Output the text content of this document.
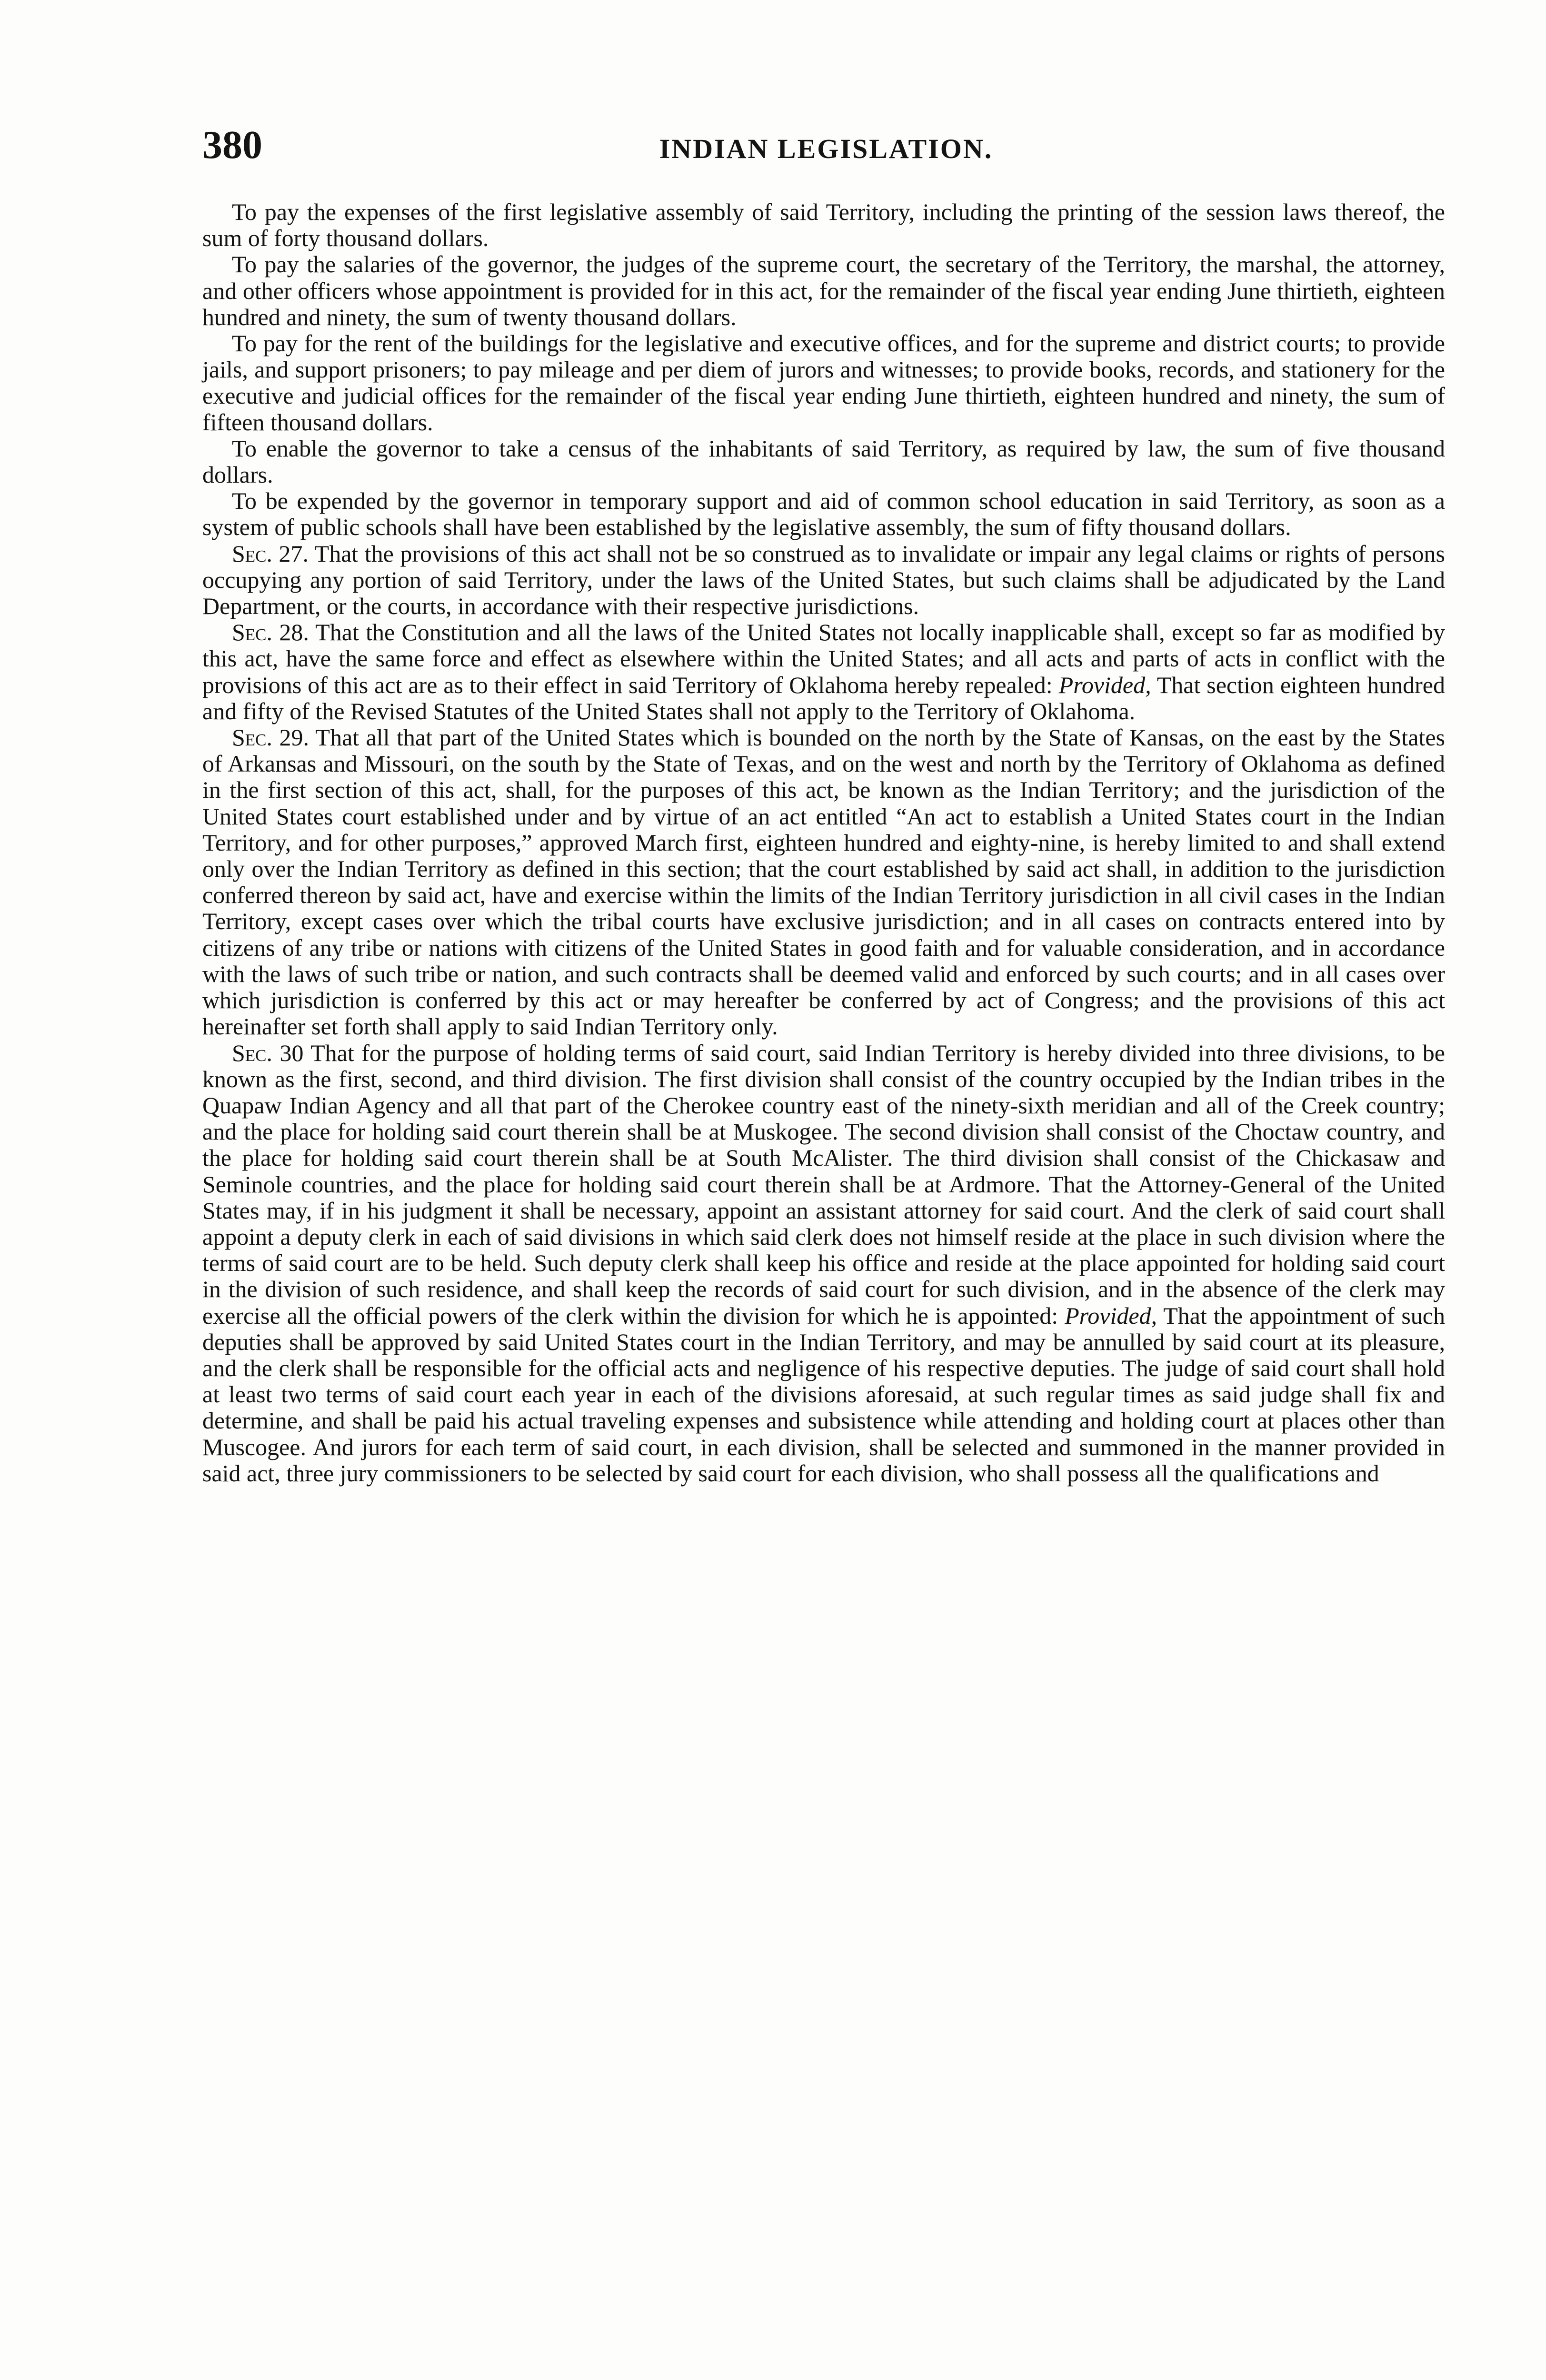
380	INDIAN LEGISLATION.

To pay the expenses of the first legislative assembly of said Territory, including the printing of the session laws thereof, the sum of forty thousand dollars.

To pay the salaries of the governor, the judges of the supreme court, the secretary of the Territory, the marshal, the attorney, and other officers whose appointment is provided for in this act, for the remainder of the fiscal year ending June thirtieth, eighteen hundred and ninety, the sum of twenty thousand dollars.

To pay for the rent of the buildings for the legislative and executive offices, and for the supreme and district courts; to provide jails, and support prisoners; to pay mileage and per diem of jurors and witnesses; to provide books, records, and stationery for the executive and judicial offices for the remainder of the fiscal year ending June thirtieth, eighteen hundred and ninety, the sum of fifteen thousand dollars.

To enable the governor to take a census of the inhabitants of said Territory, as required by law, the sum of five thousand dollars.

To be expended by the governor in temporary support and aid of common school education in said Territory, as soon as a system of public schools shall have been established by the legislative assembly, the sum of fifty thousand dollars.

Sec. 27. That the provisions of this act shall not be so construed as to invalidate or impair any legal claims or rights of persons occupying any portion of said Territory, under the laws of the United States, but such claims shall be adjudicated by the Land Department, or the courts, in accordance with their respective jurisdictions.

Sec. 28. That the Constitution and all the laws of the United States not locally inapplicable shall, except so far as modified by this act, have the same force and effect as elsewhere within the United States; and all acts and parts of acts in conflict with the provisions of this act are as to their effect in said Territory of Oklahoma hereby repealed: Provided, That section eighteen hundred and fifty of the Revised Statutes of the United States shall not apply to the Territory of Oklahoma.

Sec. 29. That all that part of the United States which is bounded on the north by the State of Kansas, on the east by the States of Arkansas and Missouri, on the south by the State of Texas, and on the west and north by the Territory of Oklahoma as defined in the first section of this act, shall, for the purposes of this act, be known as the Indian Territory; and the jurisdiction of the United States court established under and by virtue of an act entitled “An act to establish a United States court in the Indian Territory, and for other purposes,” approved March first, eighteen hundred and eighty-nine, is hereby limited to and shall extend only over the Indian Territory as defined in this section; that the court established by said act shall, in addition to the jurisdiction conferred thereon by said act, have and exercise within the limits of the Indian Territory jurisdiction in all civil cases in the Indian Territory, except cases over which the tribal courts have exclusive jurisdiction; and in all cases on contracts entered into by citizens of any tribe or nations with citizens of the United States in good faith and for valuable consideration, and in accordance with the laws of such tribe or nation, and such contracts shall be deemed valid and enforced by such courts; and in all cases over which jurisdiction is conferred by this act or may hereafter be conferred by act of Congress; and the provisions of this act hereinafter set forth shall apply to said Indian Territory only.

Sec. 30 That for the purpose of holding terms of said court, said Indian Territory is hereby divided into three divisions, to be known as the first, second, and third division. The first division shall consist of the country occupied by the Indian tribes in the Quapaw Indian Agency and all that part of the Cherokee country east of the ninety-sixth meridian and all of the Creek country; and the place for holding said court therein shall be at Muskogee. The second division shall consist of the Choctaw country, and the place for holding said court therein shall be at South McAlister. The third division shall consist of the Chickasaw and Seminole countries, and the place for holding said court therein shall be at Ardmore. That the Attorney-General of the United States may, if in his judgment it shall be necessary, appoint an assistant attorney for said court. And the clerk of said court shall appoint a deputy clerk in each of said divisions in which said clerk does not himself reside at the place in such division where the terms of said court are to be held. Such deputy clerk shall keep his office and reside at the place appointed for holding said court in the division of such residence, and shall keep the records of said court for such division, and in the absence of the clerk may exercise all the official powers of the clerk within the division for which he is appointed: Provided, That the appointment of such deputies shall be approved by said United States court in the Indian Territory, and may be annulled by said court at its pleasure, and the clerk shall be responsible for the official acts and negligence of his respective deputies. The judge of said court shall hold at least two terms of said court each year in each of the divisions aforesaid, at such regular times as said judge shall fix and determine, and shall be paid his actual traveling expenses and subsistence while attending and holding court at places other than Muscogee. And jurors for each term of said court, in each division, shall be selected and summoned in the manner provided in said act, three jury commissioners to be selected by said court for each division, who shall possess all the qualifications and
